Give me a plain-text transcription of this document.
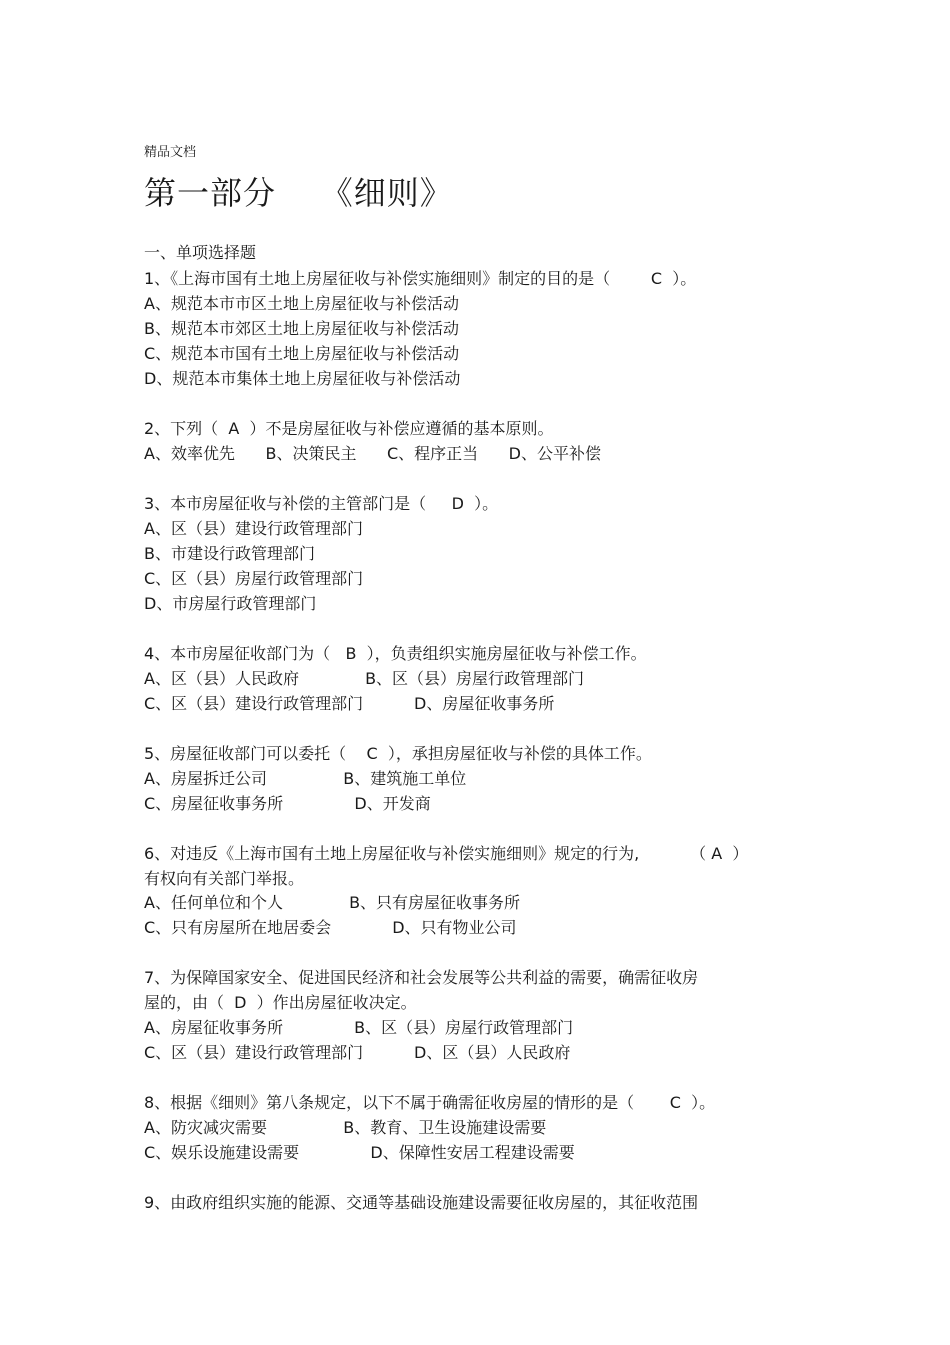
精品文档
第一部分    《细则》
一、单项选择题
1、《上海市国有土地上房屋征收与补偿实施细则》制定的目的是（        C  ）。
A、规范本市市区土地上房屋征收与补偿活动
B、规范本市郊区土地上房屋征收与补偿活动
C、规范本市国有土地上房屋征收与补偿活动
D、规范本市集体土地上房屋征收与补偿活动
2、下列（  A  ）不是房屋征收与补偿应遵循的基本原则。
A、效率优先      B、决策民主      C、程序正当      D、公平补偿
3、本市房屋征收与补偿的主管部门是（     D  ）。
A、区（县）建设行政管理部门
B、市建设行政管理部门
C、区（县）房屋行政管理部门
D、市房屋行政管理部门
4、本市房屋征收部门为（   B  ），负责组织实施房屋征收与补偿工作。
A、区（县）人民政府             B、区（县）房屋行政管理部门
C、区（县）建设行政管理部门          D、房屋征收事务所
5、房屋征收部门可以委托（    C  ），承担房屋征收与补偿的具体工作。
A、房屋拆迁公司               B、建筑施工单位
C、房屋征收事务所              D、开发商
6、对违反《上海市国有土地上房屋征收与补偿实施细则》规定的行为,          （ A  ）
有权向有关部门举报。
A、任何单位和个人             B、只有房屋征收事务所
C、只有房屋所在地居委会            D、只有物业公司
7、为保障国家安全、促进国民经济和社会发展等公共利益的需要，确需征收房
屋的，由（  D  ）作出房屋征收决定。
A、房屋征收事务所              B、区（县）房屋行政管理部门
C、区（县）建设行政管理部门          D、区（县）人民政府
8、根据《细则》第八条规定，以下不属于确需征收房屋的情形的是（       C  ）。
A、防灾减灾需要               B、教育、卫生设施建设需要
C、娱乐设施建设需要              D、保障性安居工程建设需要
9、由政府组织实施的能源、交通等基础设施建设需要征收房屋的，其征收范围
